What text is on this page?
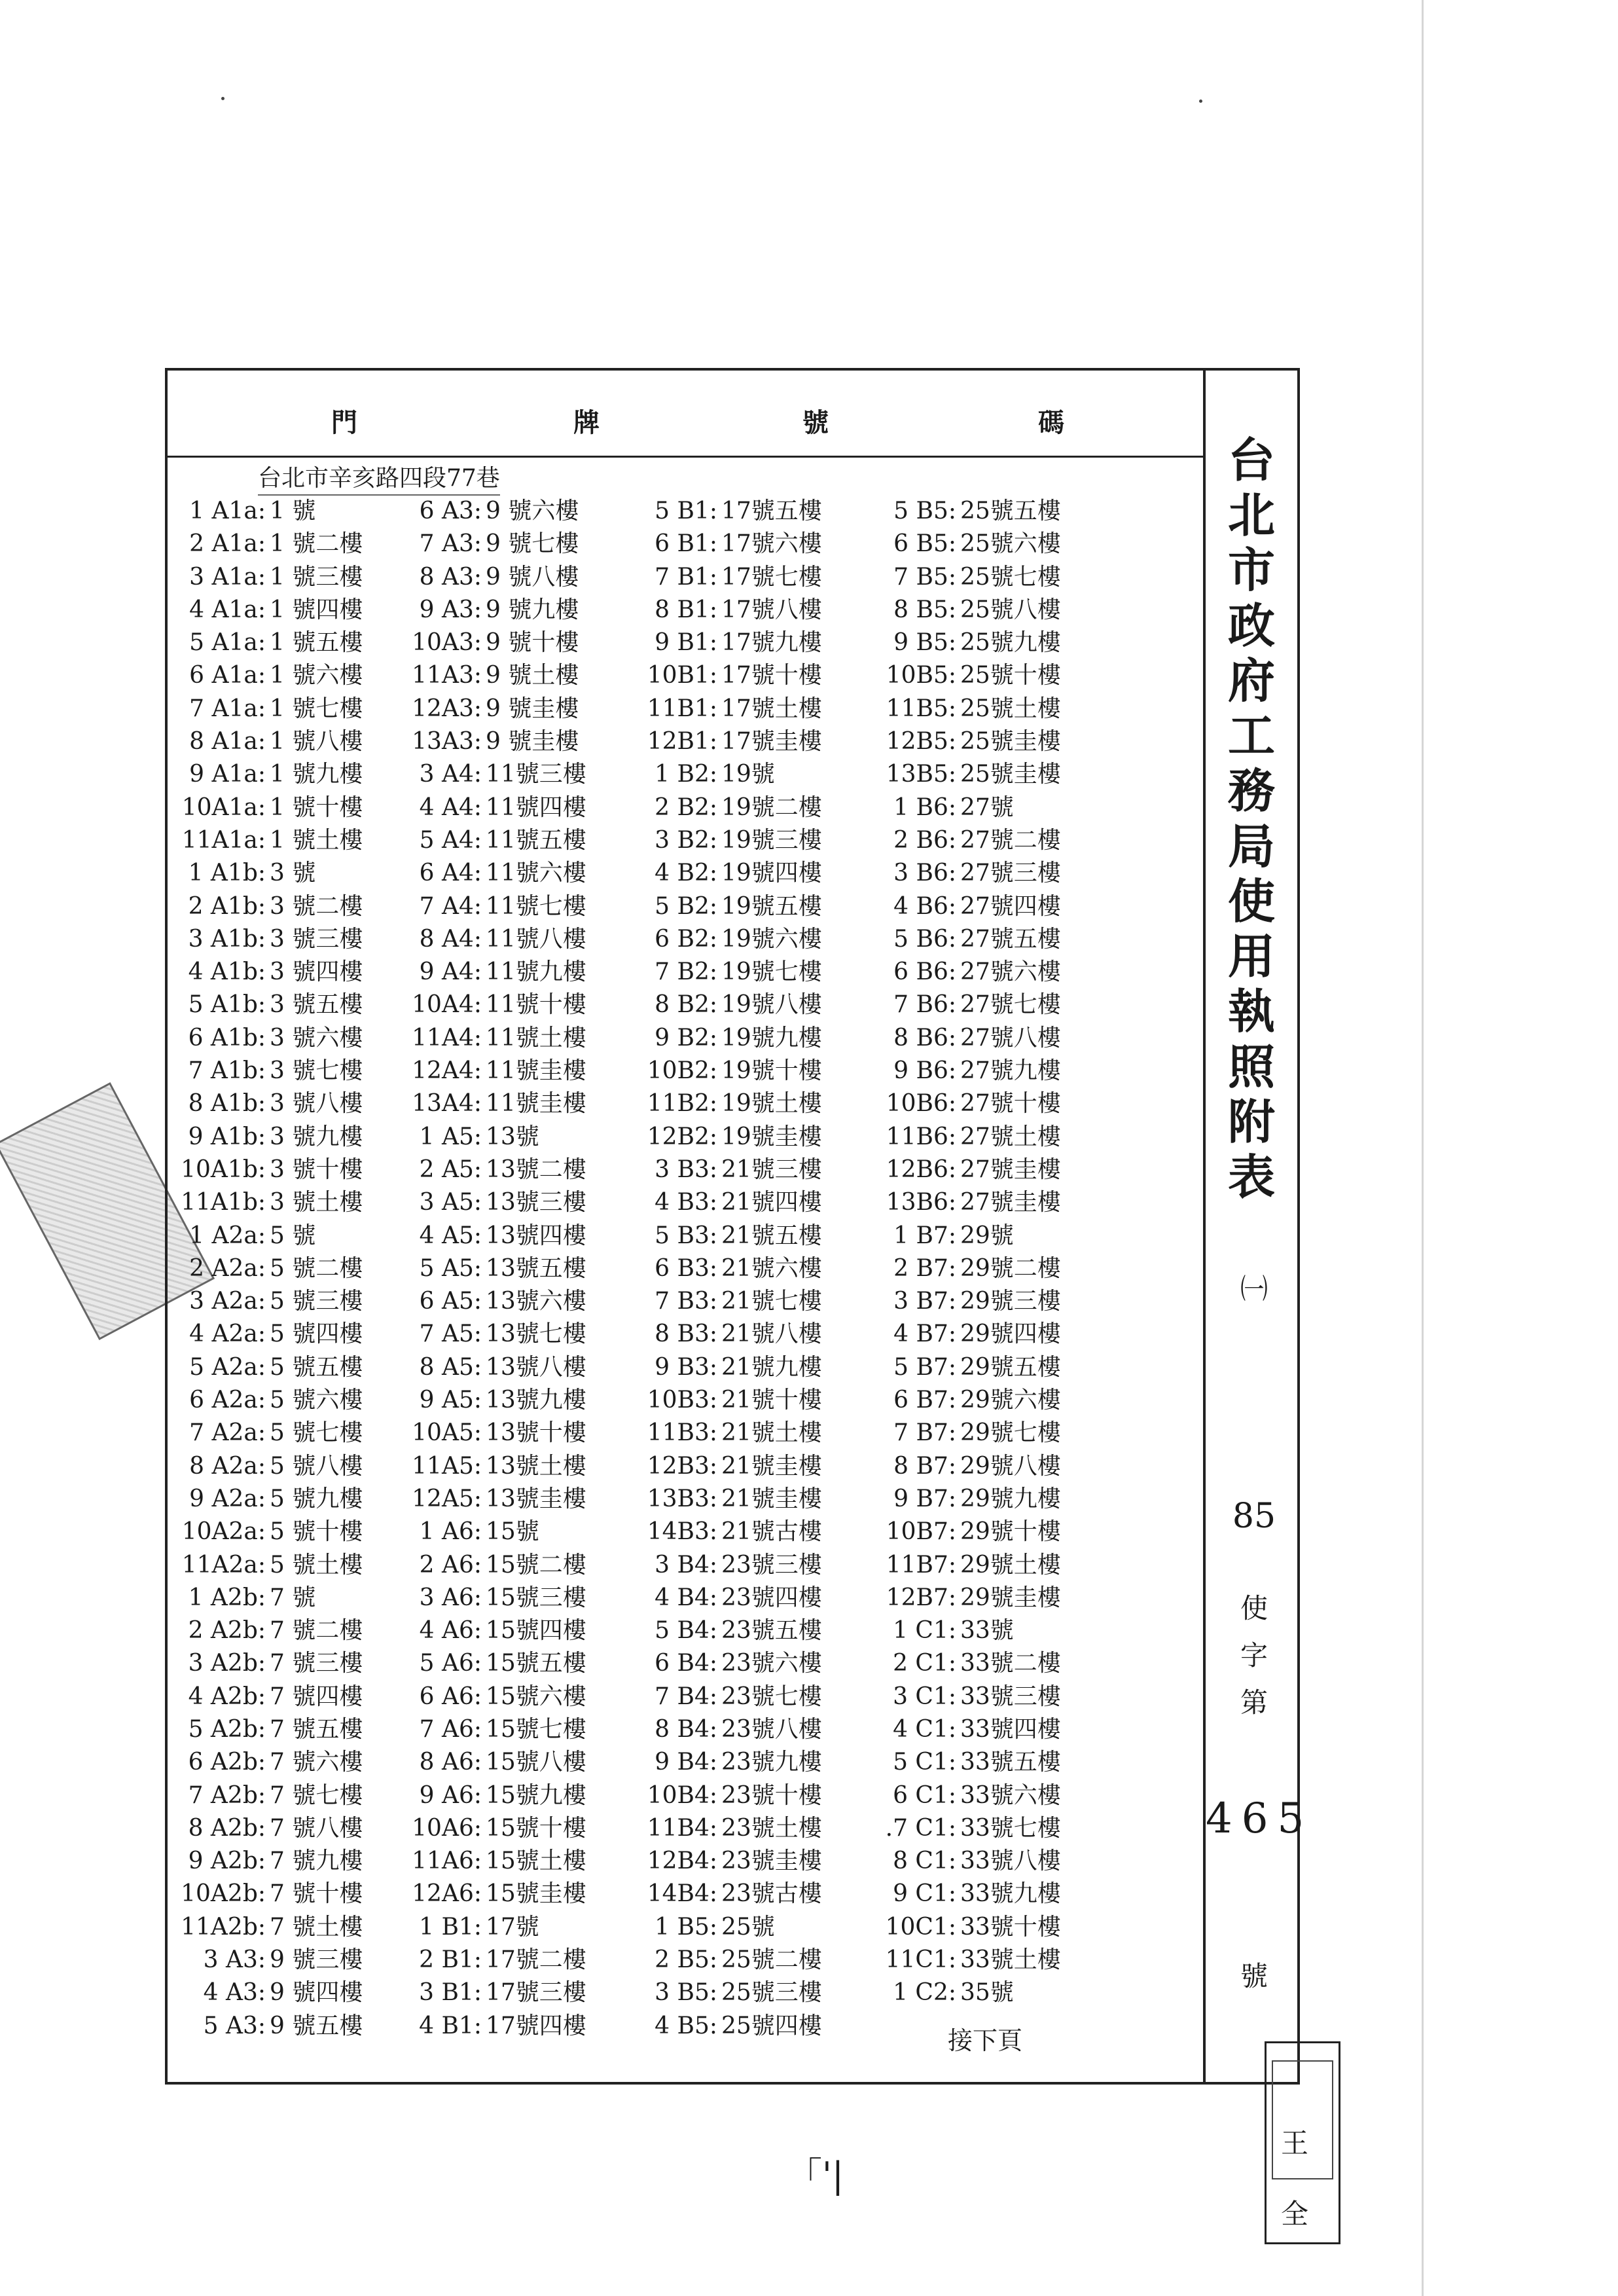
門	牌	號	碼
台北市辛亥路四段77巷
1 A1a: 1 號
2 A1a: 1 號二樓
3 A1a: 1 號三樓
4 A1a: 1 號四樓
5 A1a: 1 號五樓
6 A1a: 1 號六樓
7 A1a: 1 號七樓
8 A1a: 1 號八樓
9 A1a: 1 號九樓
10A1a: 1 號十樓
11A1a: 1 號土樓
1 A1b: 3 號
2 A1b: 3 號二樓
3 A1b: 3 號三樓
4 A1b: 3 號四樓
5 A1b: 3 號五樓
6 A1b: 3 號六樓
7 A1b: 3 號七樓
8 A1b: 3 號八樓
9 A1b: 3 號九樓
10A1b: 3 號十樓
11A1b: 3 號土樓
1 A2a: 5 號
2 A2a: 5 號二樓
3 A2a: 5 號三樓
4 A2a: 5 號四樓
5 A2a: 5 號五樓
6 A2a: 5 號六樓
7 A2a: 5 號七樓
8 A2a: 5 號八樓
9 A2a: 5 號九樓
10A2a: 5 號十樓
11A2a: 5 號土樓
1 A2b: 7 號
2 A2b: 7 號二樓
3 A2b: 7 號三樓
4 A2b: 7 號四樓
5 A2b: 7 號五樓
6 A2b: 7 號六樓
7 A2b: 7 號七樓
8 A2b: 7 號八樓
9 A2b: 7 號九樓
10A2b: 7 號十樓
11A2b: 7 號土樓
3 A3: 9 號三樓
4 A3: 9 號四樓
5 A3: 9 號五樓
6 A3: 9 號六樓
7 A3: 9 號七樓
8 A3: 9 號八樓
9 A3: 9 號九樓
10A3: 9 號十樓
11A3: 9 號土樓
12A3: 9 號圭樓
13A3: 9 號圭樓
3 A4: 11號三樓
4 A4: 11號四樓
5 A4: 11號五樓
6 A4: 11號六樓
7 A4: 11號七樓
8 A4: 11號八樓
9 A4: 11號九樓
10A4: 11號十樓
11A4: 11號土樓
12A4: 11號圭樓
13A4: 11號圭樓
1 A5: 13號
2 A5: 13號二樓
3 A5: 13號三樓
4 A5: 13號四樓
5 A5: 13號五樓
6 A5: 13號六樓
7 A5: 13號七樓
8 A5: 13號八樓
9 A5: 13號九樓
10A5: 13號十樓
11A5: 13號土樓
12A5: 13號圭樓
1 A6: 15號
2 A6: 15號二樓
3 A6: 15號三樓
4 A6: 15號四樓
5 A6: 15號五樓
6 A6: 15號六樓
7 A6: 15號七樓
8 A6: 15號八樓
9 A6: 15號九樓
10A6: 15號十樓
11A6: 15號土樓
12A6: 15號圭樓
1 B1: 17號
2 B1: 17號二樓
3 B1: 17號三樓
4 B1: 17號四樓
5 B1: 17號五樓
6 B1: 17號六樓
7 B1: 17號七樓
8 B1: 17號八樓
9 B1: 17號九樓
10B1: 17號十樓
11B1: 17號土樓
12B1: 17號圭樓
1 B2: 19號
2 B2: 19號二樓
3 B2: 19號三樓
4 B2: 19號四樓
5 B2: 19號五樓
6 B2: 19號六樓
7 B2: 19號七樓
8 B2: 19號八樓
9 B2: 19號九樓
10B2: 19號十樓
11B2: 19號土樓
12B2: 19號圭樓
3 B3: 21號三樓
4 B3: 21號四樓
5 B3: 21號五樓
6 B3: 21號六樓
7 B3: 21號七樓
8 B3: 21號八樓
9 B3: 21號九樓
10B3: 21號十樓
11B3: 21號土樓
12B3: 21號圭樓
13B3: 21號圭樓
14B3: 21號古樓
3 B4: 23號三樓
4 B4: 23號四樓
5 B4: 23號五樓
6 B4: 23號六樓
7 B4: 23號七樓
8 B4: 23號八樓
9 B4: 23號九樓
10B4: 23號十樓
11B4: 23號土樓
12B4: 23號圭樓
14B4: 23號古樓
1 B5: 25號
2 B5: 25號二樓
3 B5: 25號三樓
4 B5: 25號四樓
5 B5: 25號五樓
6 B5: 25號六樓
7 B5: 25號七樓
8 B5: 25號八樓
9 B5: 25號九樓
10B5: 25號十樓
11B5: 25號土樓
12B5: 25號圭樓
13B5: 25號圭樓
1 B6: 27號
2 B6: 27號二樓
3 B6: 27號三樓
4 B6: 27號四樓
5 B6: 27號五樓
6 B6: 27號六樓
7 B6: 27號七樓
8 B6: 27號八樓
9 B6: 27號九樓
10B6: 27號十樓
11B6: 27號土樓
12B6: 27號圭樓
13B6: 27號圭樓
1 B7: 29號
2 B7: 29號二樓
3 B7: 29號三樓
4 B7: 29號四樓
5 B7: 29號五樓
6 B7: 29號六樓
7 B7: 29號七樓
8 B7: 29號八樓
9 B7: 29號九樓
10B7: 29號十樓
11B7: 29號土樓
12B7: 29號圭樓
1 C1: 33號
2 C1: 33號二樓
3 C1: 33號三樓
4 C1: 33號四樓
5 C1: 33號五樓
6 C1: 33號六樓
.7 C1: 33號七樓
8 C1: 33號八樓
9 C1: 33號九樓
10C1: 33號十樓
11C1: 33號土樓
1 C2: 35號
接下頁
台北市政府工務局使用執照附表
㈠
85
使
字
第
465
號
王
全
「'|
